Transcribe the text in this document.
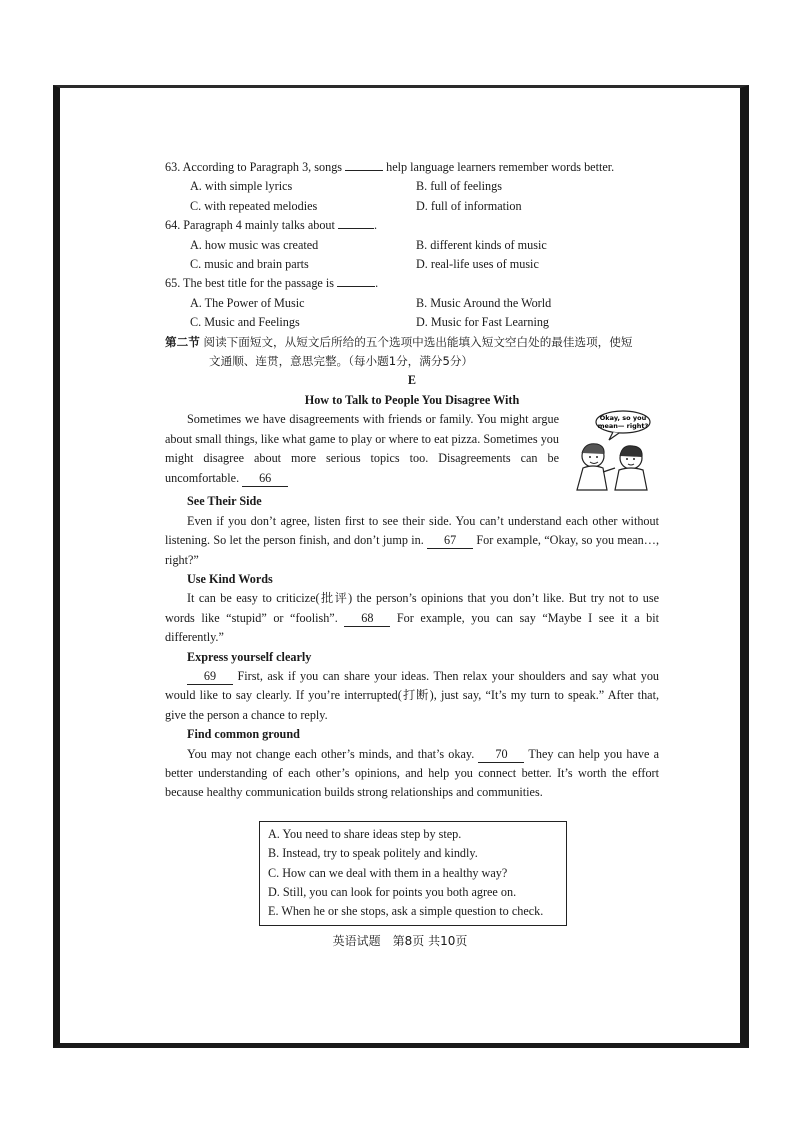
63. According to Paragraph 3, songs	help language learners remember words better.

A. with simple lyrics	B. full of feelings
C. with repeated melodies	D. full of information

64. Paragraph 4 mainly talks about	.

A. how music was created	B. different kinds of music
C. music and brain parts	D. real-life uses of music

65. The best title for the passage is	.

A. The Power of Music	B. Music Around the World
C. Music and Feelings	D. Music for Fast Learning

第二节 阅读下面短文，从短文后所给的五个选项中选出能填入短文空白处的最佳选项，使短
文通顺、连贯，意思完整。（每小题1分，满分5分）

E

How to Talk to People You Disagree With

Sometimes we have disagreements with friends or family. You might argue about small things, like what game to play or where to eat pizza. Sometimes you might disagree about more serious topics too. Disagreements can be uncomfortable. 66

Okay, so you
mean— right?

See Their Side

Even if you don’t agree, listen first to see their side. You can’t understand each other without listening. So let the person finish, and don’t jump in. 67 For example, “Okay, so you mean…, right?”

Use Kind Words

It can be easy to criticize(批评) the person’s opinions that you don’t like. But try not to use words like “stupid” or “foolish”. 68 For example, you can say “Maybe I see it a bit differently.”

Express yourself clearly

69 First, ask if you can share your ideas. Then relax your shoulders and say what you would like to say clearly. If you’re interrupted(打断), just say, “It’s my turn to speak.” After that, give the person a chance to reply.

Find common ground

You may not change each other’s minds, and that’s okay. 70 They can help you have a better understanding of each other’s opinions, and help you connect better. It’s worth the effort because healthy communication builds strong relationships and communities.

A. You need to share ideas step by step.
B. Instead, try to speak politely and kindly.
C. How can we deal with them in a healthy way?
D. Still, you can look for points you both agree on.
E. When he or she stops, ask a simple question to check.
英语试题　第8页 共10页
